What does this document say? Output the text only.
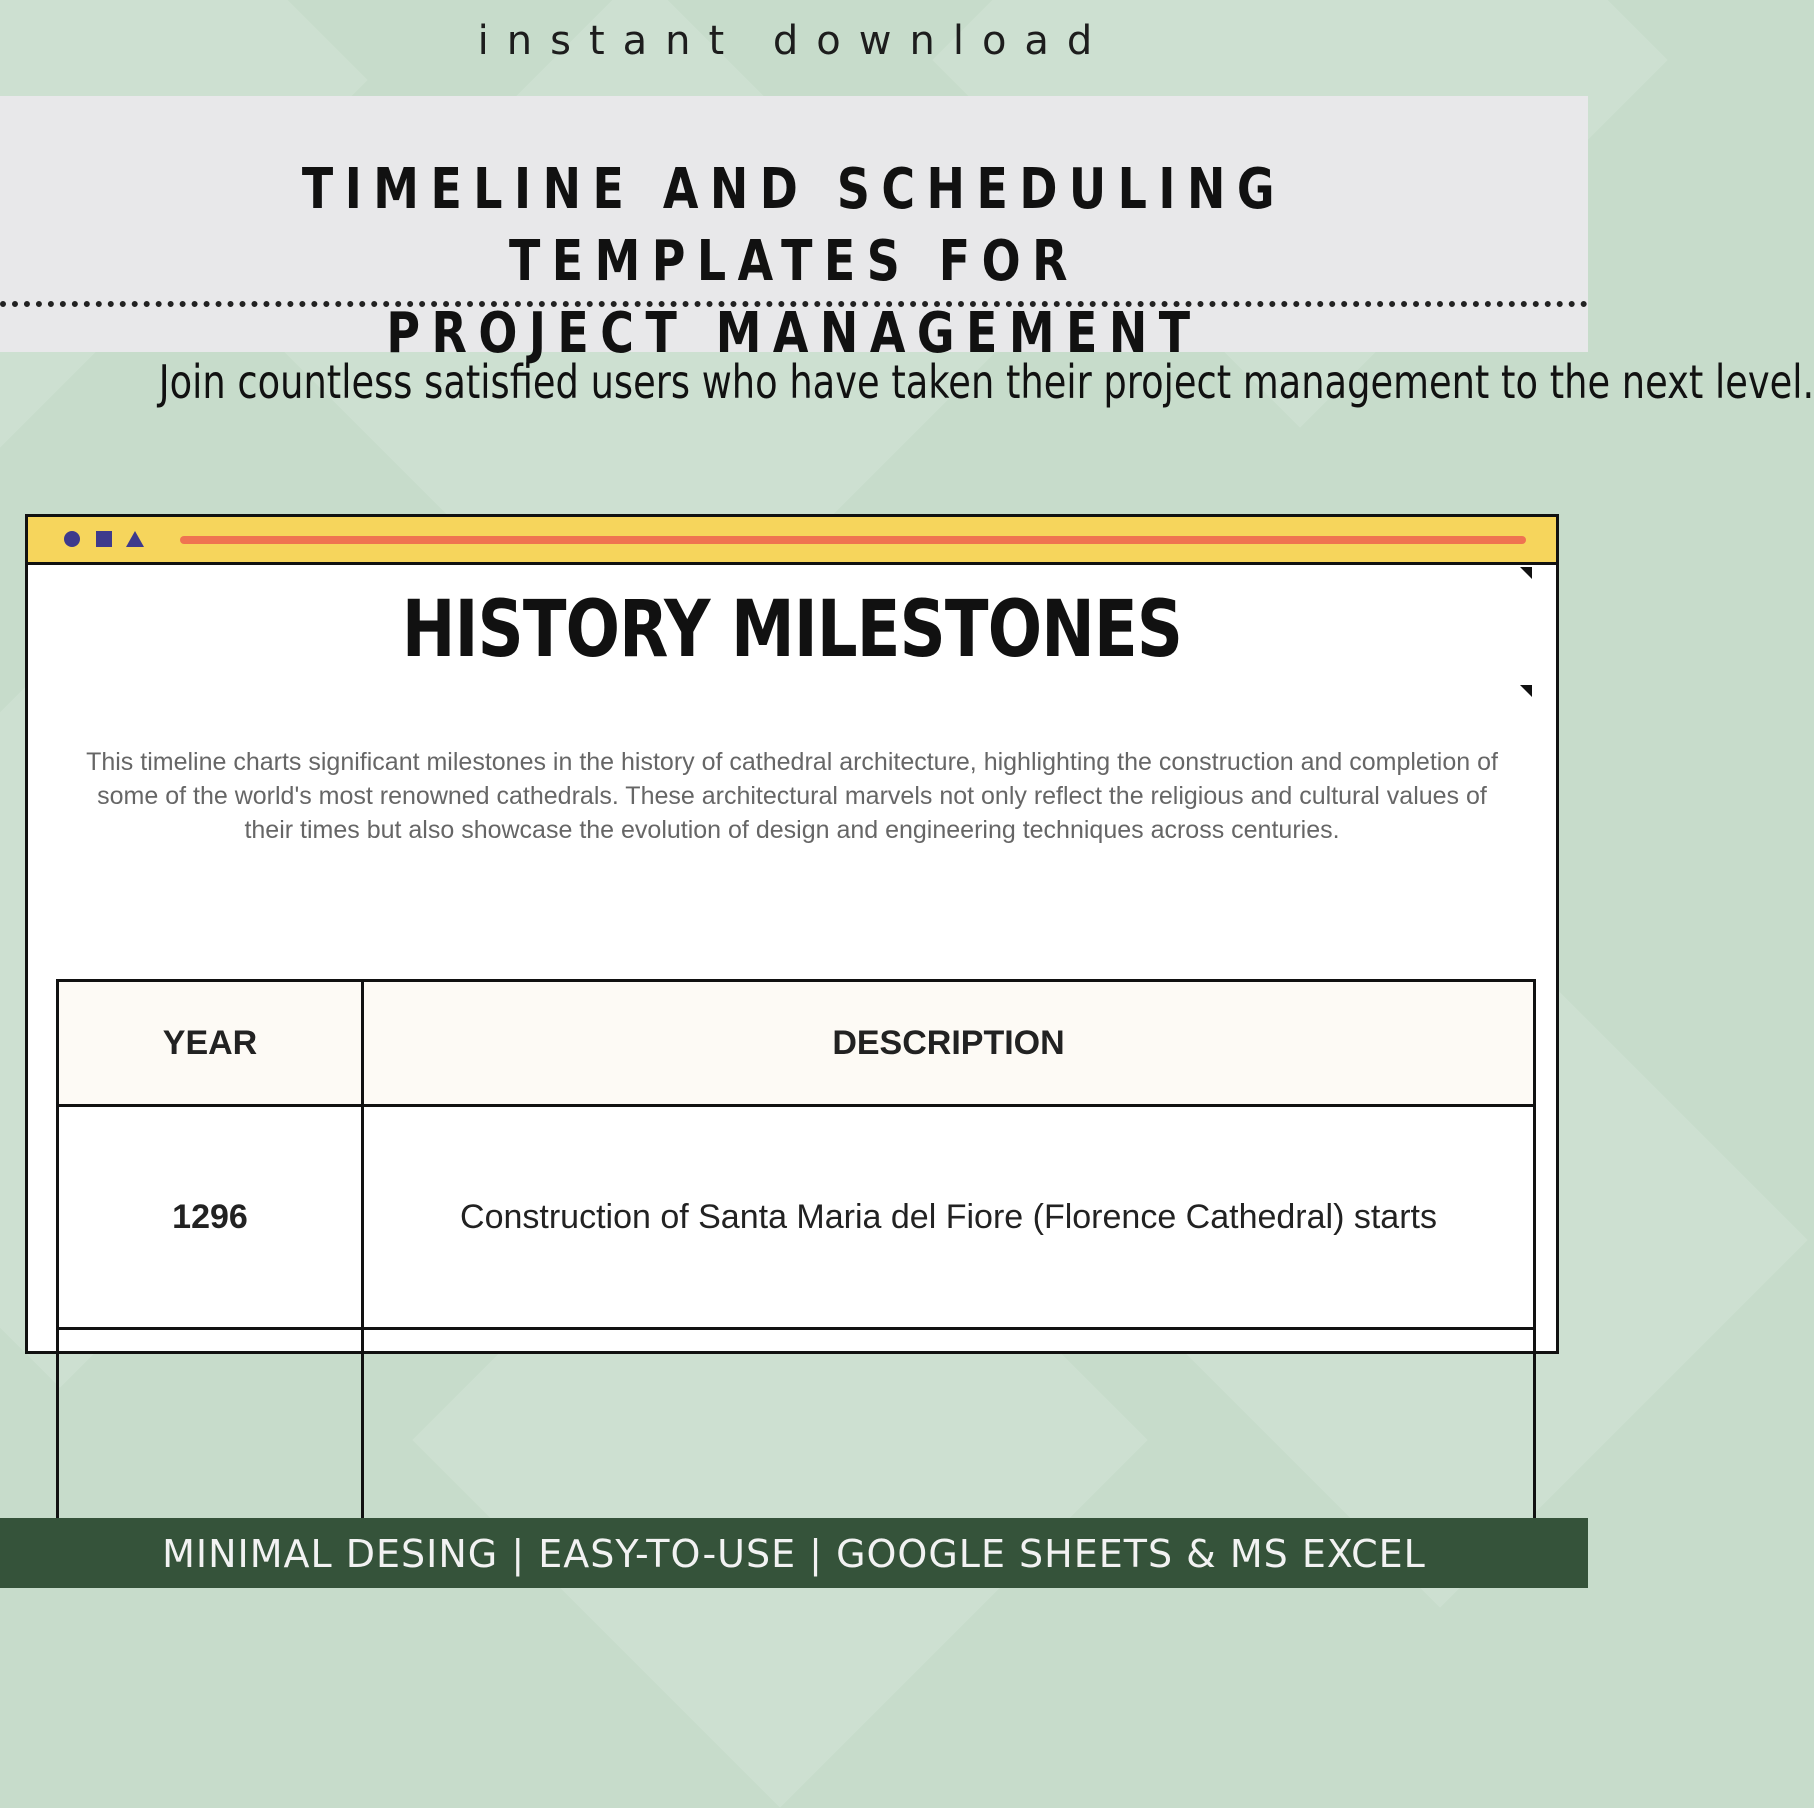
instant download
TIMELINE AND SCHEDULING TEMPLATES FOR
PROJECT MANAGEMENT
Join countless satisfied users who have taken their project management to the next level.
HISTORY MILESTONES
This timeline charts significant milestones in the history of cathedral architecture, highlighting the construction and completion of some of the world's most renowned cathedrals. These architectural marvels not only reflect the religious and cultural values of their times but also showcase the evolution of design and engineering techniques across centuries.
YEAR	DESCRIPTION
1296	Construction of Santa Maria del Fiore (Florence Cathedral) starts

MINIMAL DESING | EASY-TO-USE | GOOGLE SHEETS & MS EXCEL
